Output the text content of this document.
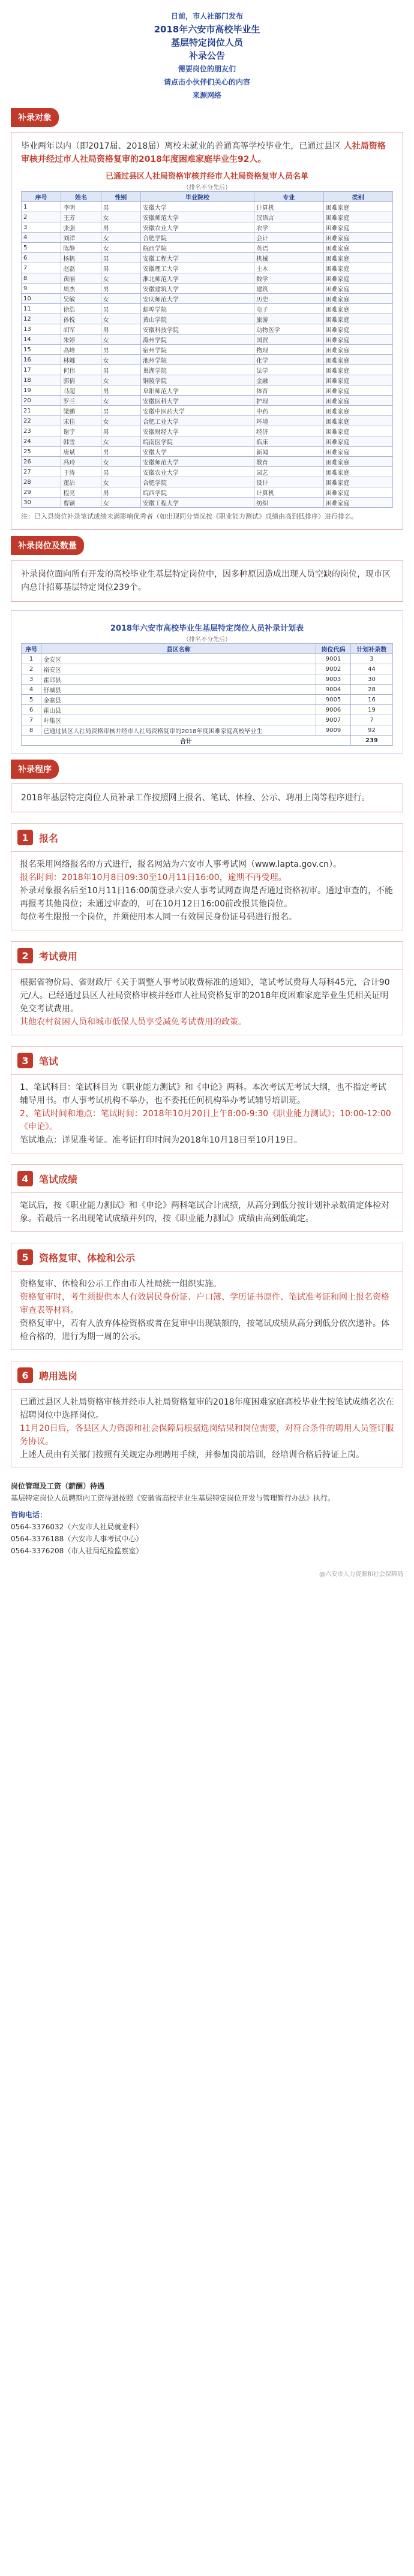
日前，市人社部门发布
2018年六安市高校毕业生
基层特定岗位人员
补录公告
需要岗位的朋友们
请点击小伙伴们关心的内容
来源网络
补录对象
毕业两年以内（即2017届、2018届）离校未就业的普通高等学校毕业生，已通过县区 人社局资格审核并经过市人社局资格复审的2018年度困难家庭毕业生92人。
已通过县区人社局资格审核并经市人社局资格复审人员名单
（排名不分先后）
序号	姓名	性别	毕业院校	专业	类别
1	李明	男	安徽大学	计算机	困难家庭
2	王芳	女	安徽师范大学	汉语言	困难家庭
3	张强	男	安徽农业大学	农学	困难家庭
4	刘洋	女	合肥学院	会计	困难家庭
5	陈静	女	皖西学院	英语	困难家庭
6	杨帆	男	安徽工程大学	机械	困难家庭
7	赵磊	男	安徽理工大学	土木	困难家庭
8	黄丽	女	淮北师范大学	数学	困难家庭
9	周杰	男	安徽建筑大学	建筑	困难家庭
10	吴敏	女	安庆师范大学	历史	困难家庭
11	徐浩	男	蚌埠学院	电子	困难家庭
12	孙悦	女	黄山学院	旅游	困难家庭
13	胡军	男	安徽科技学院	动物医学	困难家庭
14	朱婷	女	滁州学院	国贸	困难家庭
15	高峰	男	宿州学院	物理	困难家庭
16	林娜	女	池州学院	化学	困难家庭
17	何伟	男	巢湖学院	法学	困难家庭
18	郭倩	女	铜陵学院	金融	困难家庭
19	马超	男	阜阳师范大学	体育	困难家庭
20	罗兰	女	安徽医科大学	护理	困难家庭
21	梁鹏	男	安徽中医药大学	中药	困难家庭
22	宋佳	女	合肥工业大学	环境	困难家庭
23	谢宇	男	安徽财经大学	经济	困难家庭
24	韩雪	女	皖南医学院	临床	困难家庭
25	唐斌	男	安徽大学	新闻	困难家庭
26	冯玲	女	安徽师范大学	教育	困难家庭
27	于涛	男	安徽农业大学	园艺	困难家庭
28	董洁	女	合肥学院	设计	困难家庭
29	程亮	男	皖西学院	计算机	困难家庭
30	曹颖	女	安徽工程大学	纺织	困难家庭
注：已入县岗位补录笔试成绩未满影响优秀者（如出现同分情况按《职业能力测试》成绩由高到低排序）进行排名。
补录岗位及数量
补录岗位面向所有开发的高校毕业生基层特定岗位中，因多种原因造成出现人员空缺的岗位，现市区内总计招募基层特定岗位239个。
2018年六安市高校毕业生基层特定岗位人员补录计划表
（排名不分先后）
序号	县区名称	岗位代码	计划补录数
1	金安区	9001	3
2	裕安区	9002	44
3	霍邱县	9003	30
4	舒城县	9004	28
5	金寨县	9005	16
6	霍山县	9006	19
7	叶集区	9007	7
8	已通过县区人社局资格审核并经市人社局资格复审的2018年度困难家庭高校毕业生	9009	92
合计			239
补录程序
2018年基层特定岗位人员补录工作按照网上报名、笔试、体检、公示、聘用上岗等程序进行。
1	报名
报名采用网络报名的方式进行，报名网站为六安市人事考试网（www.lapta.gov.cn）。
报名时间：2018年10月8日09:30至10月11日16:00，逾期不再受理。
补录对象报名后至10月11日16:00前登录六安人事考试网查询是否通过资格初审。通过审查的，不能再报考其他岗位；未通过审查的，可在10月12日16:00前改报其他岗位。
每位考生限报一个岗位，并须使用本人同一有效居民身份证号码进行报名。
2	考试费用
根据省物价局、省财政厅《关于调整人事考试收费标准的通知》，笔试考试费每人每科45元，合计90元/人。已经通过县区人社局资格审核并经市人社局资格复审的2018年度困难家庭毕业生凭相关证明免交考试费用。
其他农村贫困人员和城市低保人员享受减免考试费用的政策。
3	笔试
1、笔试科目：笔试科目为《职业能力测试》和《申论》两科。本次考试无考试大纲，也不指定考试辅导用书。市人事考试机构不举办，也不委托任何机构举办考试辅导培训班。
2、笔试时间和地点：笔试时间：2018年10月20日上午8:00-9:30《职业能力测试》；10:00-12:00《申论》。
笔试地点：详见准考证。准考证打印时间为2018年10月18日至10月19日。
4	笔试成绩
笔试后，按《职业能力测试》和《申论》两科笔试合计成绩，从高分到低分按计划补录数确定体检对象。若最后一名出现笔试成绩并列的，按《职业能力测试》成绩由高到低确定。
5	资格复审、体检和公示
资格复审、体检和公示工作由市人社局统一组织实施。
资格复审时，考生须提供本人有效居民身份证、户口簿、学历证书原件、笔试准考证和网上报名资格审查表等材料。
资格复审中，若有人放弃体检资格或者在复审中出现缺额的，按笔试成绩从高分到低分依次递补。体检合格的，进行为期一周的公示。
6	聘用选岗
已通过县区人社局资格审核并经市人社局资格复审的2018年度困难家庭高校毕业生按笔试成绩名次在招聘岗位中选择岗位。
11月20日后，各县区人力资源和社会保障局根据选岗结果和岗位需要，对符合条件的聘用人员签订服务协议。
上述人员由有关部门按照有关规定办理聘用手续，并参加岗前培训，经培训合格后持证上岗。
岗位管理及工资（薪酬）待遇
基层特定岗位人员聘期内工资待遇按照《安徽省高校毕业生基层特定岗位开发与管理暂行办法》执行。
咨询电话：
0564-3376032（六安市人社局就业科）
0564-3376188（六安市人事考试中心）
0564-3376208（市人社局纪检监察室）
@六安市人力资源和社会保障局
